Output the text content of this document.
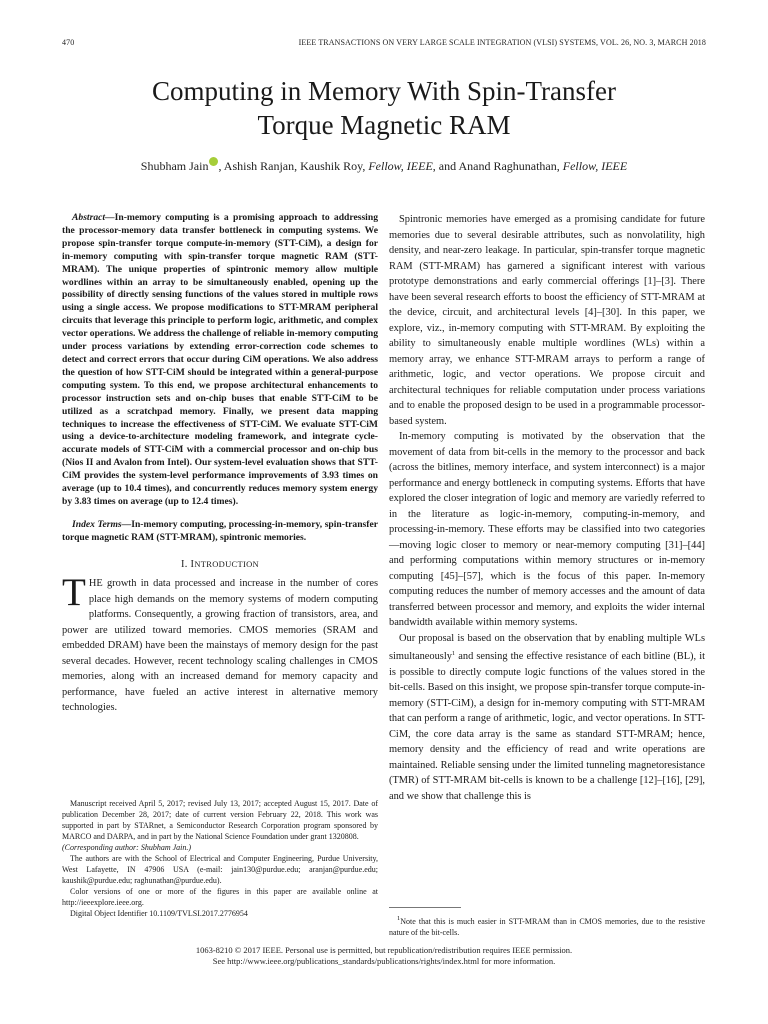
470	IEEE TRANSACTIONS ON VERY LARGE SCALE INTEGRATION (VLSI) SYSTEMS, VOL. 26, NO. 3, MARCH 2018
Computing in Memory With Spin-Transfer
Torque Magnetic RAM
Shubham Jain , Ashish Ranjan, Kaushik Roy, Fellow, IEEE, and Anand Raghunathan, Fellow, IEEE

Abstract—In-memory computing is a promising approach to addressing the processor-memory data transfer bottleneck in computing systems. We propose spin-transfer torque compute-in-memory (STT-CiM), a design for in-memory computing with spin-transfer torque magnetic RAM (STT-MRAM). The unique properties of spintronic memory allow multiple wordlines within an array to be simultaneously enabled, opening up the possibility of directly sensing functions of the values stored in multiple rows using a single access. We propose modifications to STT-MRAM peripheral circuits that leverage this principle to perform logic, arithmetic, and complex vector operations. We address the challenge of reliable in-memory computing under process variations by extending error-correction code schemes to detect and correct errors that occur during CiM operations. We also address the question of how STT-CiM should be integrated within a general-purpose computing system. To this end, we propose architectural enhancements to processor instruction sets and on-chip buses that enable STT-CiM to be utilized as a scratchpad memory. Finally, we present data mapping techniques to increase the effectiveness of STT-CiM. We evaluate STT-CiM using a device-to-architecture modeling framework, and integrate cycle-accurate models of STT-CiM with a commercial processor and on-chip bus (Nios II and Avalon from Intel). Our system-level evaluation shows that STT-CiM provides the system-level performance improvements of 3.93 times on average (up to 10.4 times), and concurrently reduces memory system energy by 3.83 times on average (up to 12.4 times).

Index Terms—In-memory computing, processing-in-memory, spin-transfer torque magnetic RAM (STT-MRAM), spintronic memories.

I. INTRODUCTION

THE growth in data processed and increase in the number of cores place high demands on the memory systems of modern computing platforms. Consequently, a growing fraction of transistors, area, and power are utilized toward memories. CMOS memories (SRAM and embedded DRAM) have been the mainstays of memory design for the past several decades. However, recent technology scaling challenges in CMOS memories, along with an increased demand for memory capacity and performance, have fueled an active interest in alternative memory technologies.

Manuscript received April 5, 2017; revised July 13, 2017; accepted August 15, 2017. Date of publication December 28, 2017; date of current version February 22, 2018. This work was supported in part by STARnet, a Semiconductor Research Corporation program sponsored by MARCO and DARPA, and in part by the National Science Foundation under grant 1320808.

(Corresponding author: Shubham Jain.)

The authors are with the School of Electrical and Computer Engineering, Purdue University, West Lafayette, IN 47906 USA (e-mail: jain130@purdue.edu; aranjan@purdue.edu; kaushik@purdue.edu; raghunathan@purdue.edu).

Color versions of one or more of the figures in this paper are available online at http://ieeexplore.ieee.org.

Digital Object Identifier 10.1109/TVLSI.2017.2776954

Spintronic memories have emerged as a promising candidate for future memories due to several desirable attributes, such as nonvolatility, high density, and near-zero leakage. In particular, spin-transfer torque magnetic RAM (STT-MRAM) has garnered a significant interest with various prototype demonstrations and early commercial offerings [1]–[3]. There have been several research efforts to boost the efficiency of STT-MRAM at the device, circuit, and architectural levels [4]–[30]. In this paper, we explore, viz., in-memory computing with STT-MRAM. By exploiting the ability to simultaneously enable multiple wordlines (WLs) within a memory array, we enhance STT-MRAM arrays to perform a range of arithmetic, logic, and vector operations. We propose circuit and architectural techniques for reliable computation under process variations and to enable the proposed design to be used in a programmable processor-based system.

In-memory computing is motivated by the observation that the movement of data from bit-cells in the memory to the processor and back (across the bitlines, memory interface, and system interconnect) is a major performance and energy bottleneck in computing systems. Efforts that have explored the closer integration of logic and memory are variedly referred to in the literature as logic-in-memory, computing-in-memory, and processing-in-memory. These efforts may be classified into two categories—moving logic closer to memory or near-memory computing [31]–[44] and performing computations within memory structures or in-memory computing [45]–[57], which is the focus of this paper. In-memory computing reduces the number of memory accesses and the amount of data transferred between processor and memory, and exploits the wider internal bandwidth available within memory systems.

Our proposal is based on the observation that by enabling multiple WLs simultaneously$^1$ and sensing the effective resistance of each bitline (BL), it is possible to directly compute logic functions of the values stored in the bit-cells. Based on this insight, we propose spin-transfer torque compute-in-memory (STT-CiM), a design for in-memory computing with STT-MRAM that can perform a range of arithmetic, logic, and vector operations. In STT-CiM, the core data array is the same as standard STT-MRAM; hence, memory density and the efficiency of read and write operations are maintained. Reliable sensing under the limited tunneling magnetoresistance (TMR) of STT-MRAM bit-cells is known to be a challenge [12]–[16], [29], and we show that challenge this is

$^1$Note that this is much easier in STT-MRAM than in CMOS memories, due to the resistive nature of the bit-cells.

1063-8210 © 2017 IEEE. Personal use is permitted, but republication/redistribution requires IEEE permission.
See http://www.ieee.org/publications_standards/publications/rights/index.html for more information.
